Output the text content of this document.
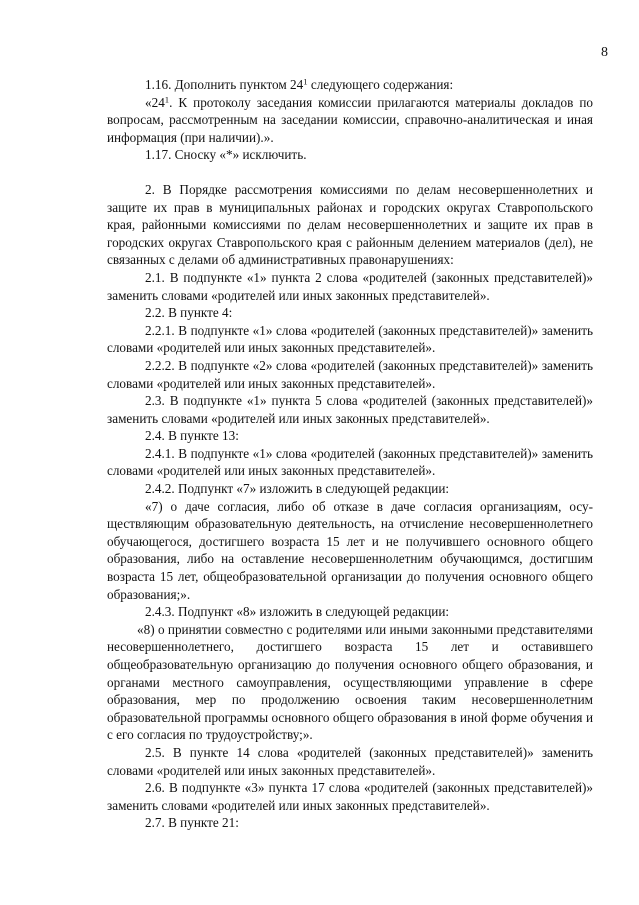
8

1.16. Дополнить пунктом $24^1$ следующего содержания:

«$24^1$. К протоколу заседания комиссии прилагаются материалы докладов по вопросам, рассмотренным на заседании комиссии, справочно-аналитическая и иная информация (при наличии).».

1.17. Сноску «*» исключить.

2. В Порядке рассмотрения комиссиями по делам несовершеннолетних и защите их прав в муниципальных районах и городских округах Ставропольского края, районными комиссиями по делам несовершеннолетних и защите их прав в городских округах Ставропольского края с районным делением материалов (дел), не связанных с делами об административных правонарушениях:

2.1. В подпункте «1» пункта 2 слова «родителей (законных представителей)» заменить словами «родителей или иных законных представителей».

2.2. В пункте 4:

2.2.1. В подпункте «1» слова «родителей (законных представителей)» заменить словами «родителей или иных законных представителей».

2.2.2. В подпункте «2» слова «родителей (законных представителей)» заменить словами «родителей или иных законных представителей».

2.3. В подпункте «1» пункта 5 слова «родителей (законных представителей)» заменить словами «родителей или иных законных представителей».

2.4. В пункте 13:

2.4.1. В подпункте «1» слова «родителей (законных представителей)» заменить словами «родителей или иных законных представителей».

2.4.2. Подпункт «7» изложить в следующей редакции:

«7) о даче согласия, либо об отказе в даче согласия организациям, осуществляющим образовательную деятельность, на отчисление несовершеннолетнего обучающегося, достигшего возраста 15 лет и не получившего основного общего образования, либо на оставление несовершеннолетним обучающимся, достигшим возраста 15 лет, общеобразовательной организации до получения основного общего образования;».

2.4.3. Подпункт «8» изложить в следующей редакции:

«8) о принятии совместно с родителями или иными законными представителями несовершеннолетнего, достигшего возраста 15 лет и оставившего общеобразовательную организацию до получения основного общего образования, и органами местного самоуправления, осуществляющими управление в сфере образования, мер по продолжению освоения таким несовершеннолетним образовательной программы основного общего образования в иной форме обучения и с его согласия по трудоустройству;».

2.5. В пункте 14 слова «родителей (законных представителей)» заменить словами «родителей или иных законных представителей».

2.6. В подпункте «3» пункта 17 слова «родителей (законных представителей)» заменить словами «родителей или иных законных представителей».

2.7. В пункте 21:
